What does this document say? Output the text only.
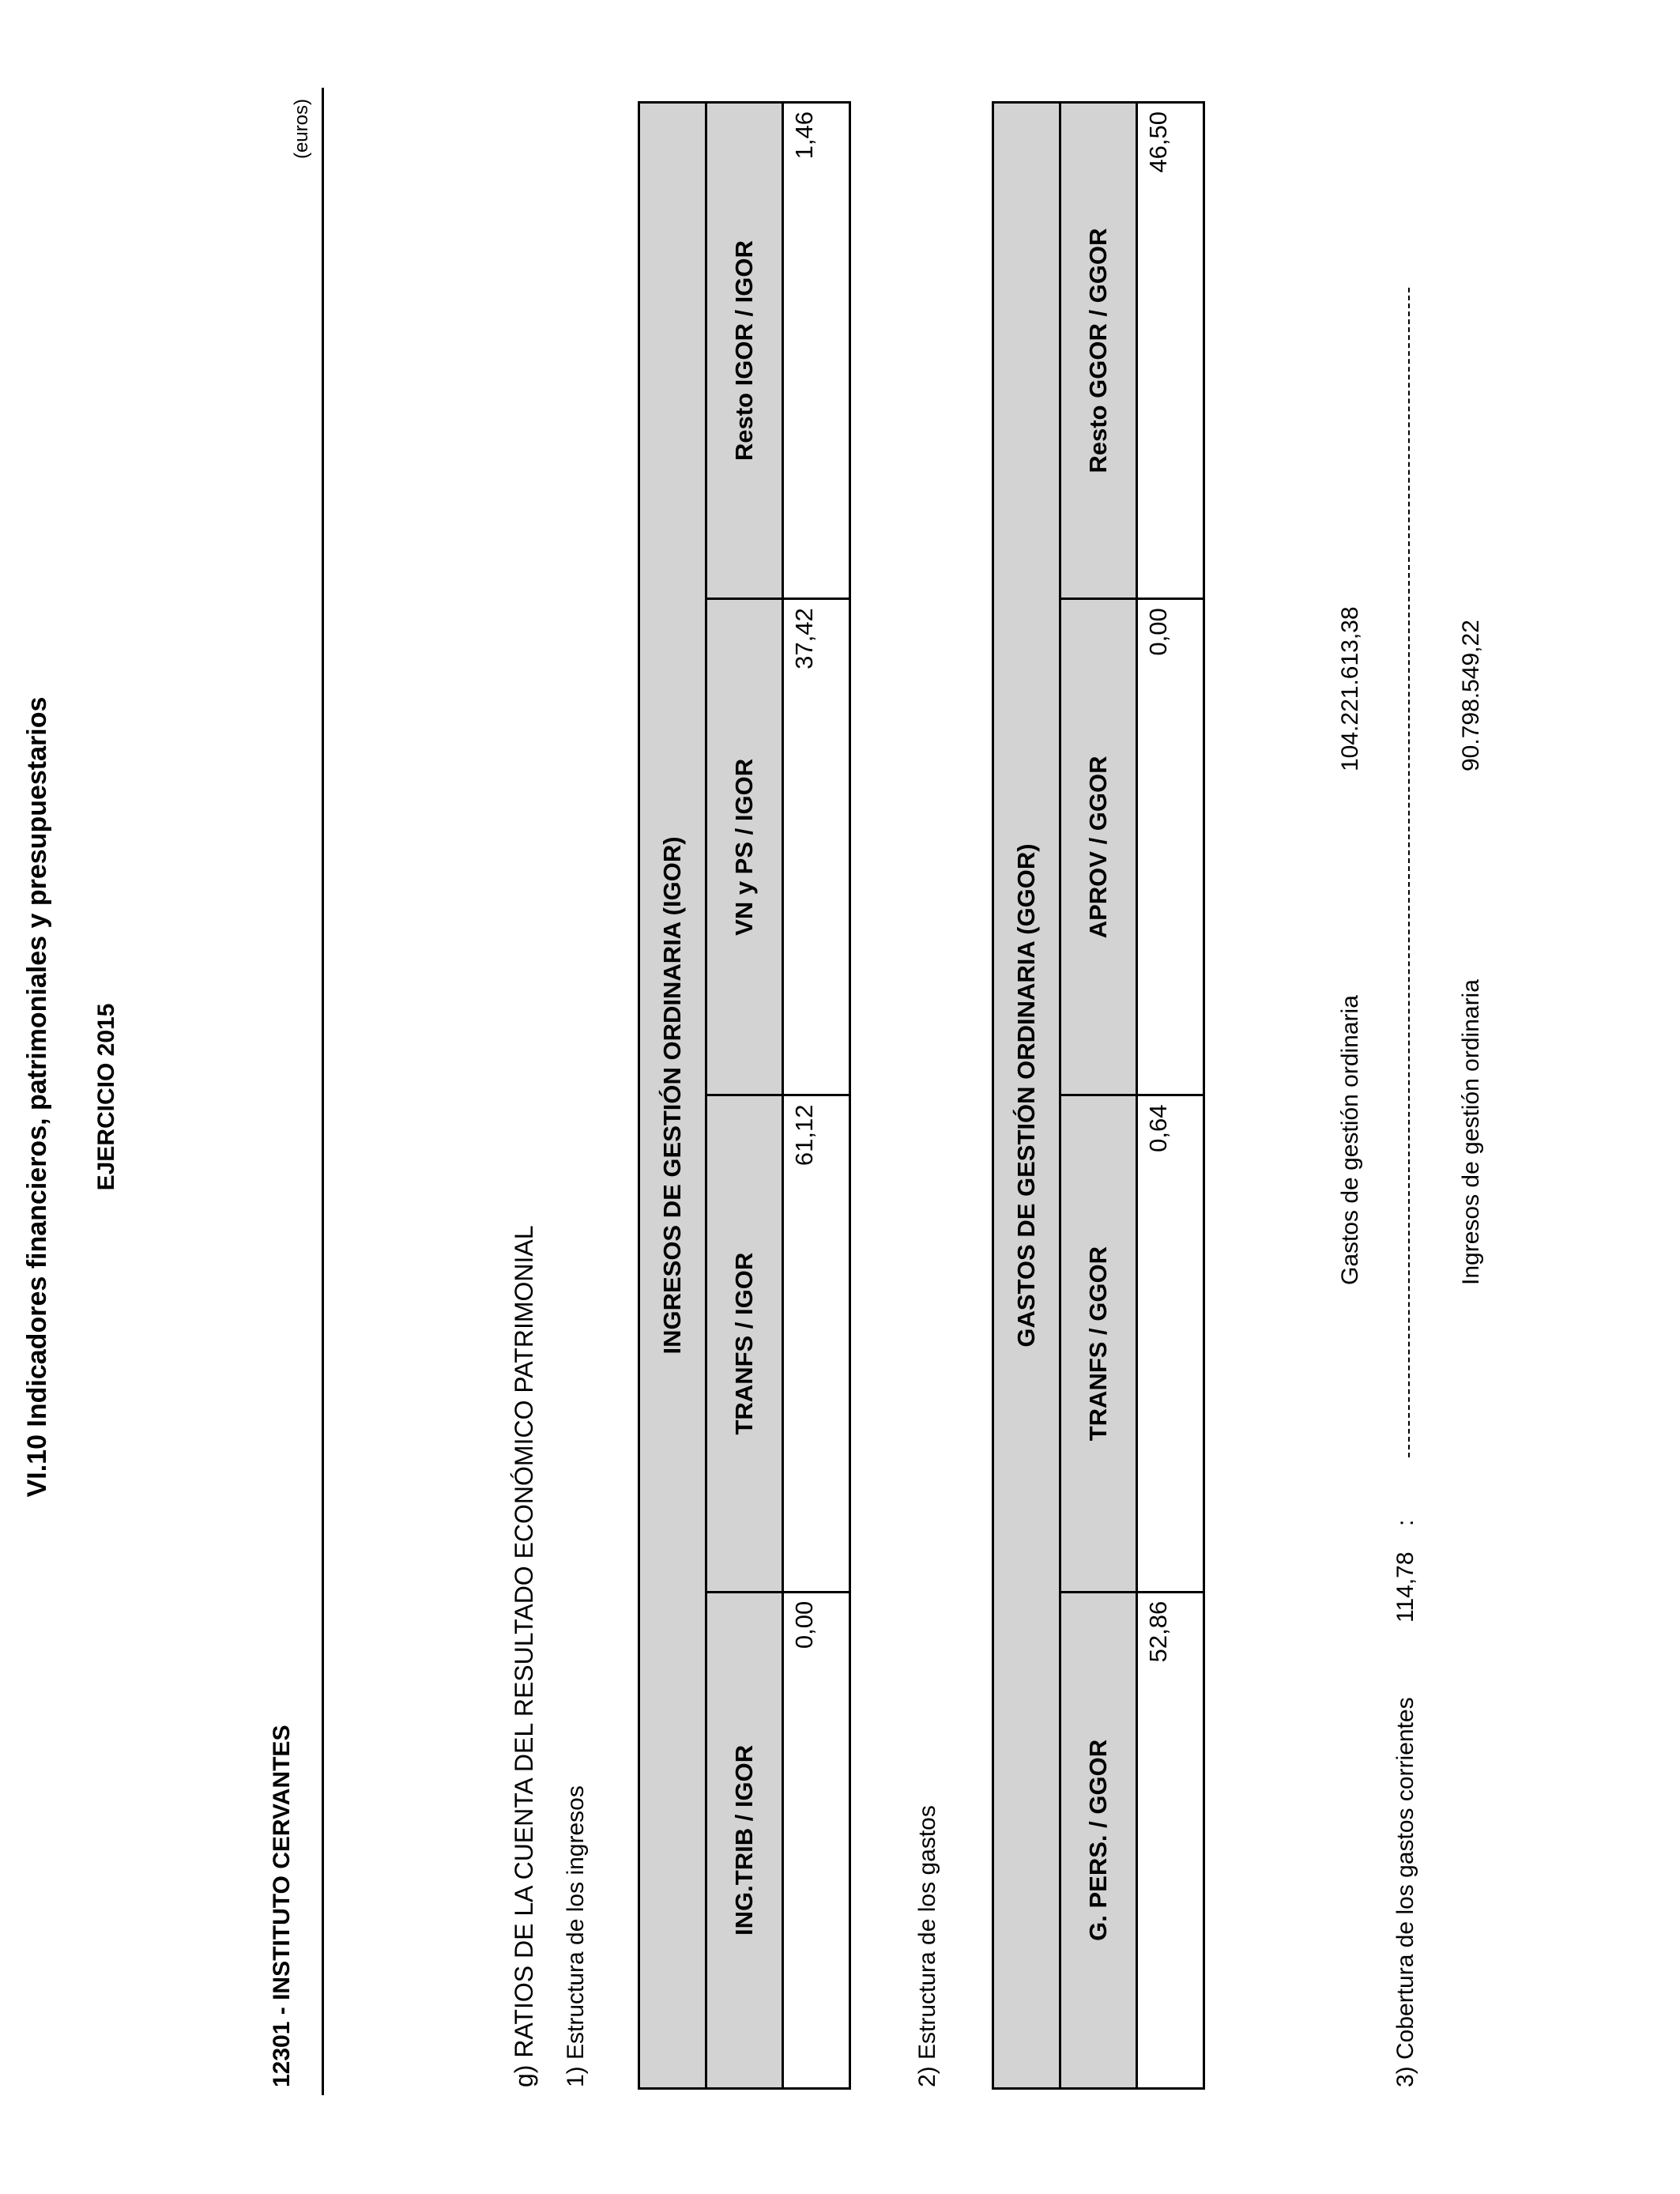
VI.10 Indicadores financieros, patrimoniales y presupuestarios EJERCICIO 2015
12301 - INSTITUTO CERVANTES
(euros)
g) RATIOS DE LA CUENTA DEL RESULTADO ECONÓMICO PATRIMONIAL 1) Estructura de los ingresos
INGRESOS DE GESTIÓN ORDINARIA (IGOR)			
ING.TRIB / IGOR	TRANFS / IGOR	VN y PS / IGOR	Resto IGOR / IGOR
0,00	61,12	37,42	1,46
2) Estructura de los gastos
GASTOS DE GESTIÓN ORDINARIA (GGOR)			
G. PERS. / GGOR	TRANFS / GGOR	APROV / GGOR	Resto GGOR / GGOR
52,86	0,64	0,00	46,50
3) Cobertura de los gastos corrientes
114,78
:
Gastos de gestión ordinaria
104.221.613,38
Ingresos de gestión ordinaria
90.798.549,22
